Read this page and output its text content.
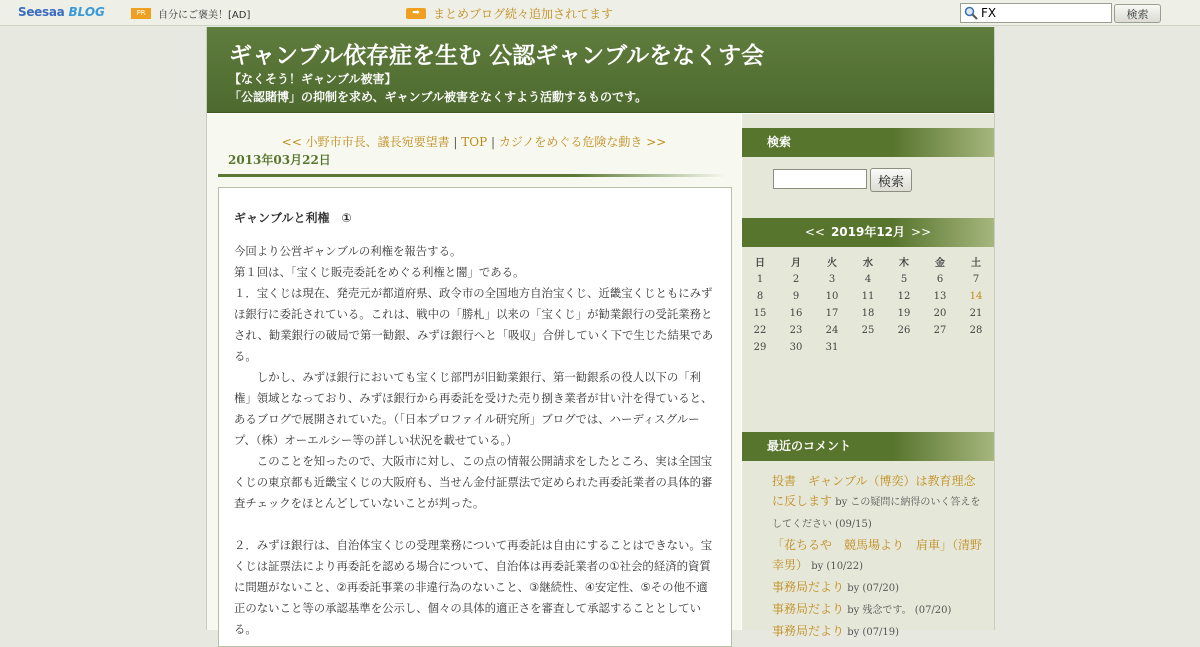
Seesaa BLOG	PR	自分にご褒美！[AD]	➡	まとめブログ続々追加されてます
FX	検索
ギャンブル依存症を生む 公認ギャンブルをなくす会
【なくそう！ギャンブル被害】
「公認賭博」の抑制を求め、ギャンブル被害をなくすよう活動するものです。
<< 小野市市長、議長宛要望書 | TOP | カジノをめぐる危険な動き >>
2013年03月22日
ギャンブルと利権　①

今回より公営ギャンブルの利権を報告する。

第１回は、「宝くじ販売委託をめぐる利権と闇」である。

１．宝くじは現在、発売元が都道府県、政令市の全国地方自治宝くじ、近畿宝くじともにみずほ銀行に委託されている。これは、戦中の「勝札」以来の「宝くじ」が勧業銀行の受託業務とされ、勧業銀行の破局で第一勧銀、みずほ銀行へと「吸収」合併していく下で生じた結果である。

しかし、みずほ銀行においても宝くじ部門が旧勧業銀行、第一勧銀系の役人以下の「利権」領域となっており、みずほ銀行から再委託を受けた売り捌き業者が甘い汁を得ていると、あるブログで展開されていた。（「日本プロファイル研究所」ブログでは、ハーディスグループ、（株）オーエルシー等の詳しい状況を載せている。）

このことを知ったので、大阪市に対し、この点の情報公開請求をしたところ、実は全国宝くじの東京都も近畿宝くじの大阪府も、当せん金付証票法で定められた再委託業者の具体的審査チェックをほとんどしていないことが判った。

２．みずほ銀行は、自治体宝くじの受理業務について再委託は自由にすることはできない。宝くじは証票法により再委託を認める場合について、自治体は再委託業者の①社会的経済的資質に問題がないこと、②再委託事業の非違行為のないこと、③継続性、④安定性、⑤その他不適正のないこと等の承認基準を公示し、個々の具体的適正さを審査して承認することとしている。

検索
検索
<< 2019年12月 >>
日	月	火	水	木	金	土
1	2	3	4	5	6	7
8	9	10	11	12	13	14
15	16	17	18	19	20	21
22	23	24	25	26	27	28
29	30	31				
最近のコメント
投書　ギャンブル（博奕）は教育理念に反します by この疑問に納得のいく答えをしてください (09/15)
「花ちるや　競馬場より　肩車」（清野幸男） by (10/22)
事務局だより by (07/20)
事務局だより by 残念です。 (07/20)
事務局だより by (07/19)
